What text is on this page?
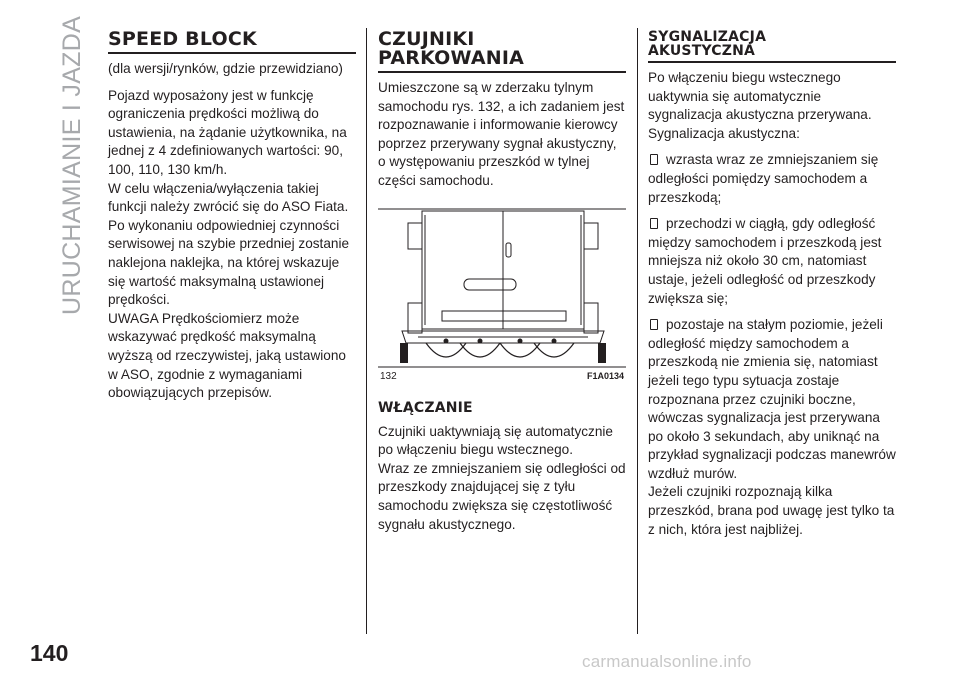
URUCHAMIANIE I JAZDA SPEED BLOCK

(dla wersji/rynków, gdzie przewidziano)

Pojazd wyposażony jest w funkcję ograniczenia prędkości możliwą do ustawienia, na żądanie użytkownika, na jednej z 4 zdefiniowanych wartości: 90, 100, 110, 130 km/h.

W celu włączenia/wyłączenia takiej funkcji należy zwrócić się do ASO Fiata.

Po wykonaniu odpowiedniej czynności serwisowej na szybie przedniej zostanie naklejona naklejka, na której wskazuje się wartość maksymalną ustawionej prędkości.

UWAGA Prędkościomierz może wskazywać prędkość maksymalną wyższą od rzeczywistej, jaką ustawiono w ASO, zgodnie z wymaganiami obowiązujących przepisów.

CZUJNIKI
PARKOWANIA

Umieszczone są w zderzaku tylnym samochodu rys. 132, a ich zadaniem jest rozpoznawanie i informowanie kierowcy poprzez przerywany sygnał akustyczny, o występowaniu przeszkód w tylnej części samochodu.

132	F1A0134
WŁĄCZANIE

Czujniki uaktywniają się automatycznie po włączeniu biegu wstecznego.

Wraz ze zmniejszaniem się odległości od przeszkody znajdującej się z tyłu samochodu zwiększa się częstotliwość sygnału akustycznego.

SYGNALIZACJA
AKUSTYCZNA

Po włączeniu biegu wstecznego uaktywnia się automatycznie sygnalizacja akustyczna przerywana. Sygnalizacja akustyczna:

wzrasta wraz ze zmniejszaniem się odległości pomiędzy samochodem a przeszkodą;

przechodzi w ciągłą, gdy odległość między samochodem i przeszkodą jest mniejsza niż około 30 cm, natomiast ustaje, jeżeli odległość od przeszkody zwiększa się;

pozostaje na stałym poziomie, jeżeli odległość między samochodem a przeszkodą nie zmienia się, natomiast jeżeli tego typu sytuacja zostaje rozpoznana przez czujniki boczne, wówczas sygnalizacja jest przerywana po około 3 sekundach, aby uniknąć na przykład sygnalizacji podczas manewrów wzdłuż murów.

Jeżeli czujniki rozpoznają kilka przeszkód, brana pod uwagę jest tylko ta z nich, która jest najbliżej.

140	carmanualsonline.info
